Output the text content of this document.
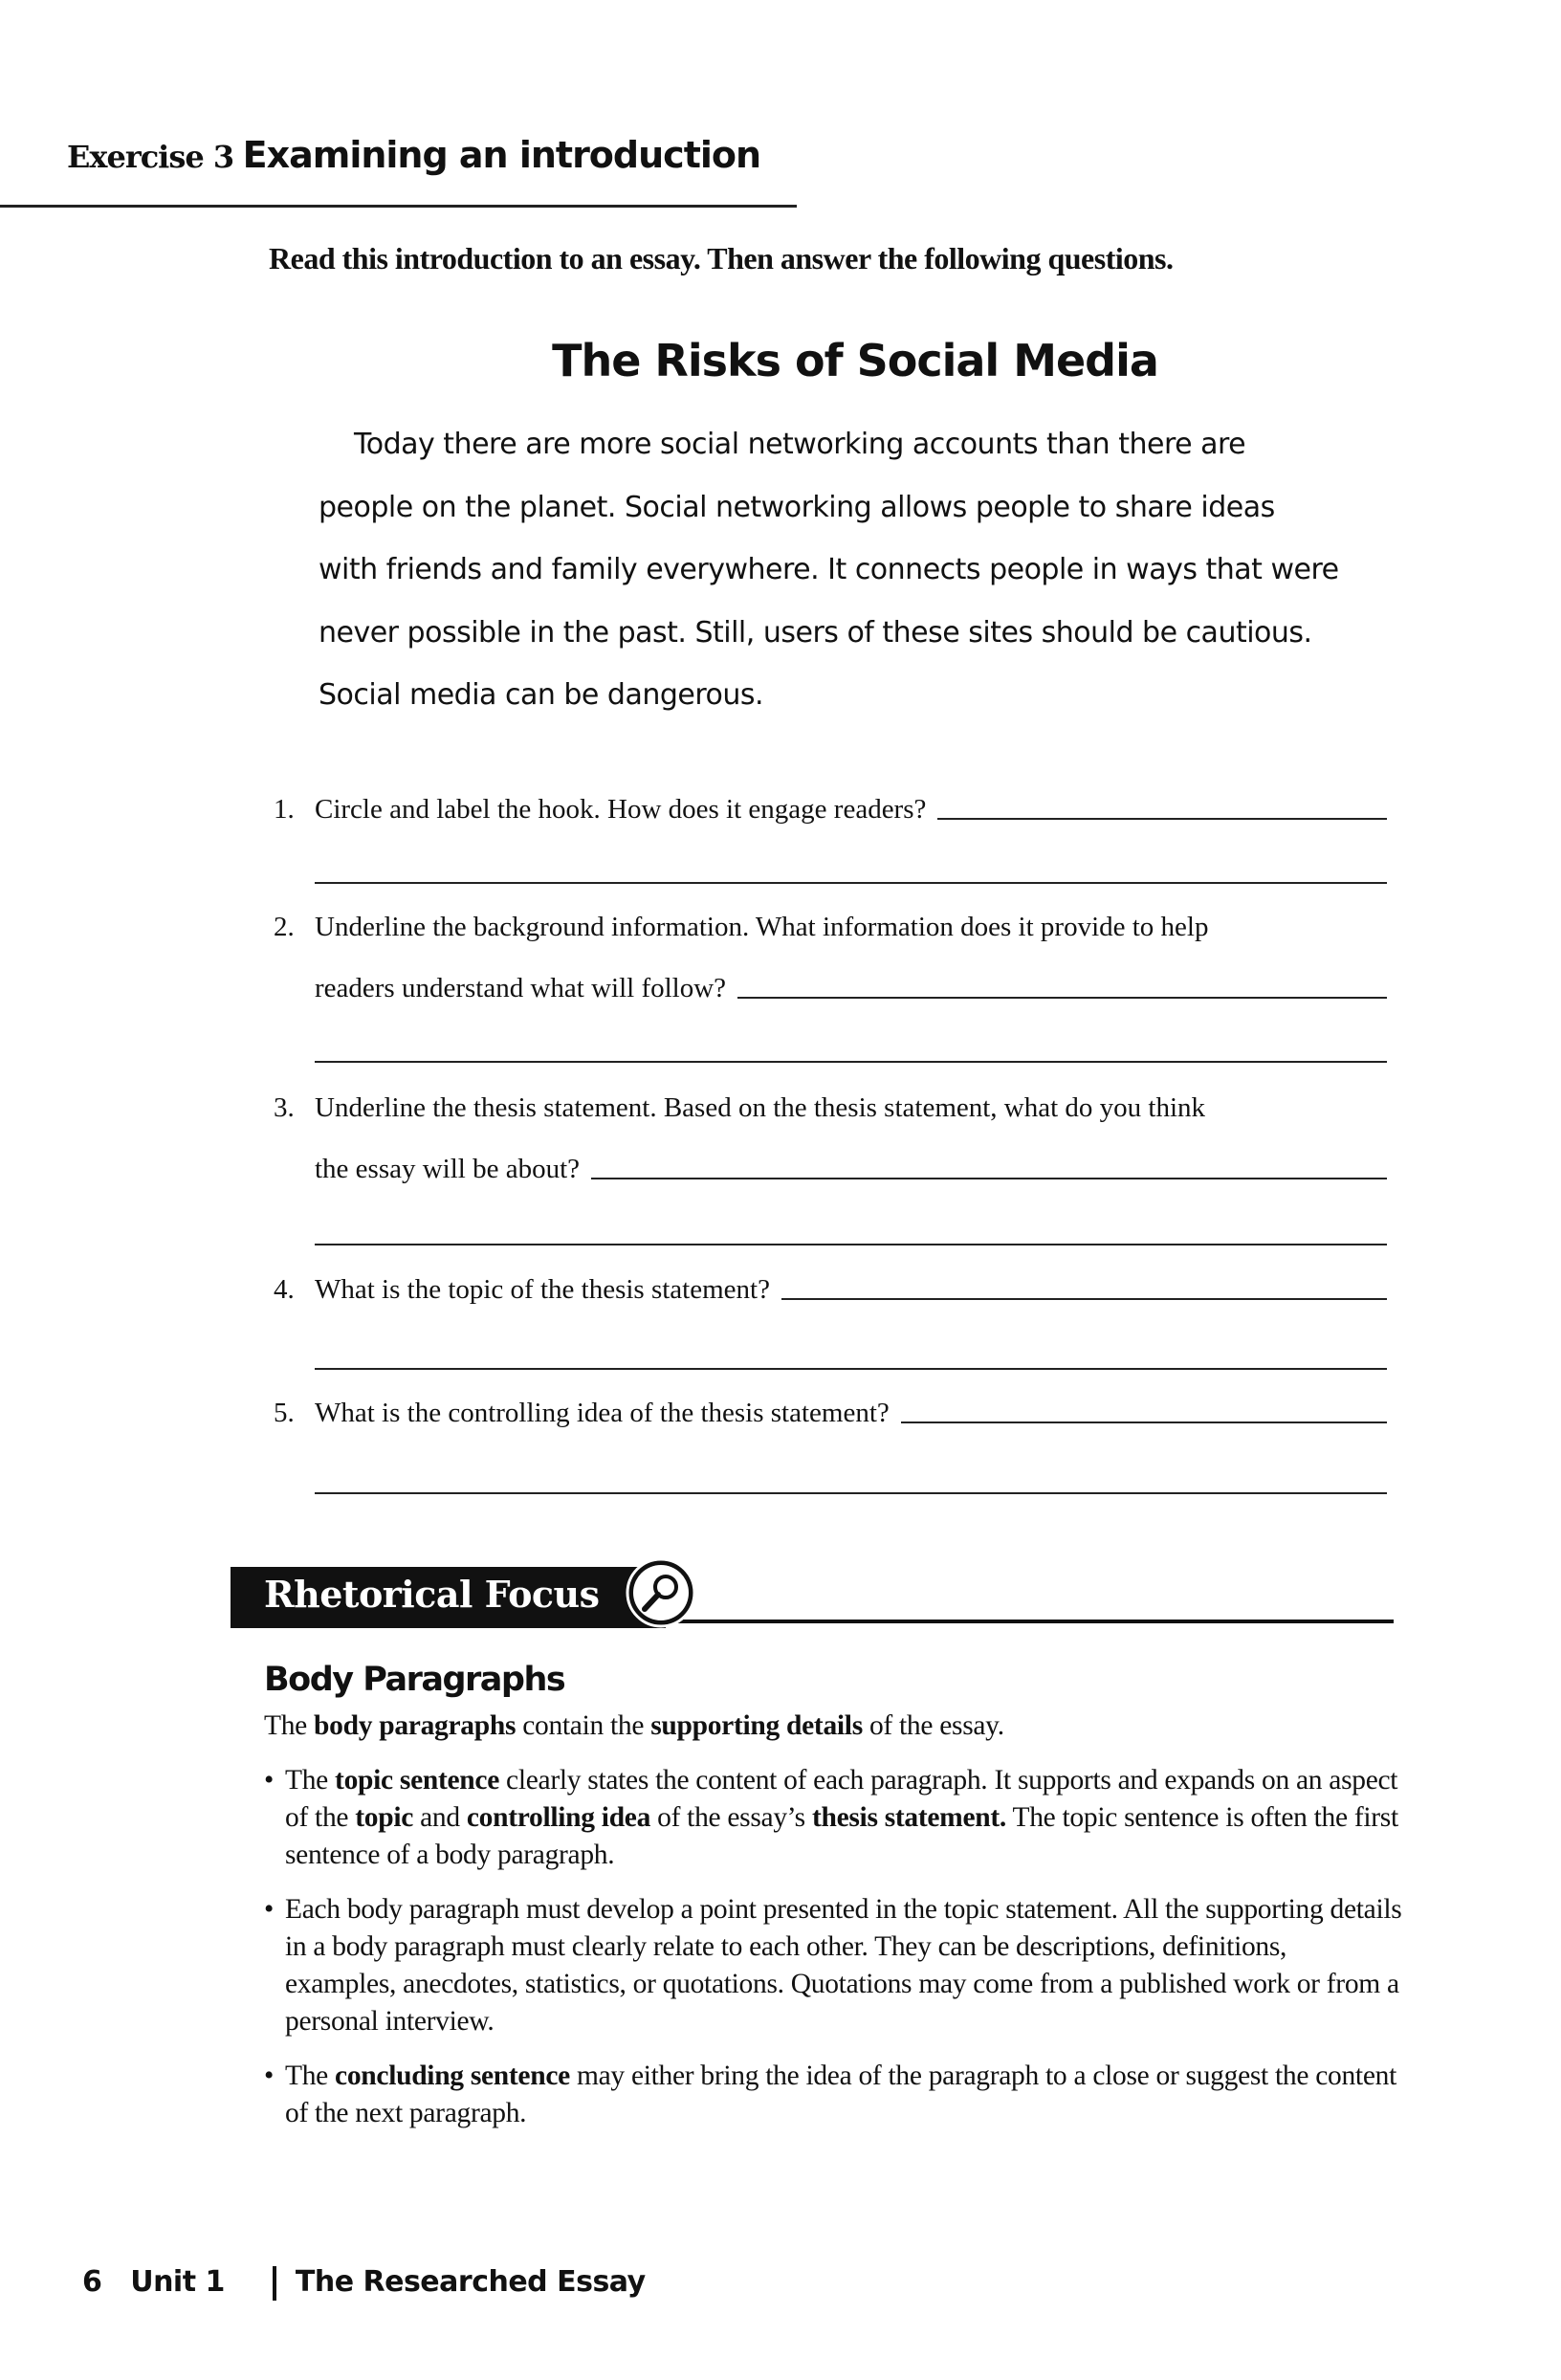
Exercise 3 Examining an introduction
Read this introduction to an essay. Then answer the following questions.
The Risks of Social Media
Today there are more social networking accounts than there are
people on the planet. Social networking allows people to share ideas
with friends and family everywhere. It connects people in ways that were
never possible in the past. Still, users of these sites should be cautious.
Social media can be dangerous.
1. Circle and label the hook. How does it engage readers?
2. Underline the background information. What information does it provide to help
readers understand what will follow?
3. Underline the thesis statement. Based on the thesis statement, what do you think
the essay will be about?
4. What is the topic of the thesis statement?
5. What is the controlling idea of the thesis statement?
Rhetorical Focus
Body Paragraphs
The body paragraphs contain the supporting details of the essay.
• The topic sentence clearly states the content of each paragraph. It supports and expands on an aspect of the topic and controlling idea of the essay’s thesis statement. The topic sentence is often the first sentence of a body paragraph.
• Each body paragraph must develop a point presented in the topic statement. All the supporting details in a body paragraph must clearly relate to each other. They can be descriptions, definitions, examples, anecdotes, statistics, or quotations. Quotations may come from a published work or from a personal interview.
• The concluding sentence may either bring the idea of the paragraph to a close or suggest the content of the next paragraph.
6 Unit 1 The Researched Essay
